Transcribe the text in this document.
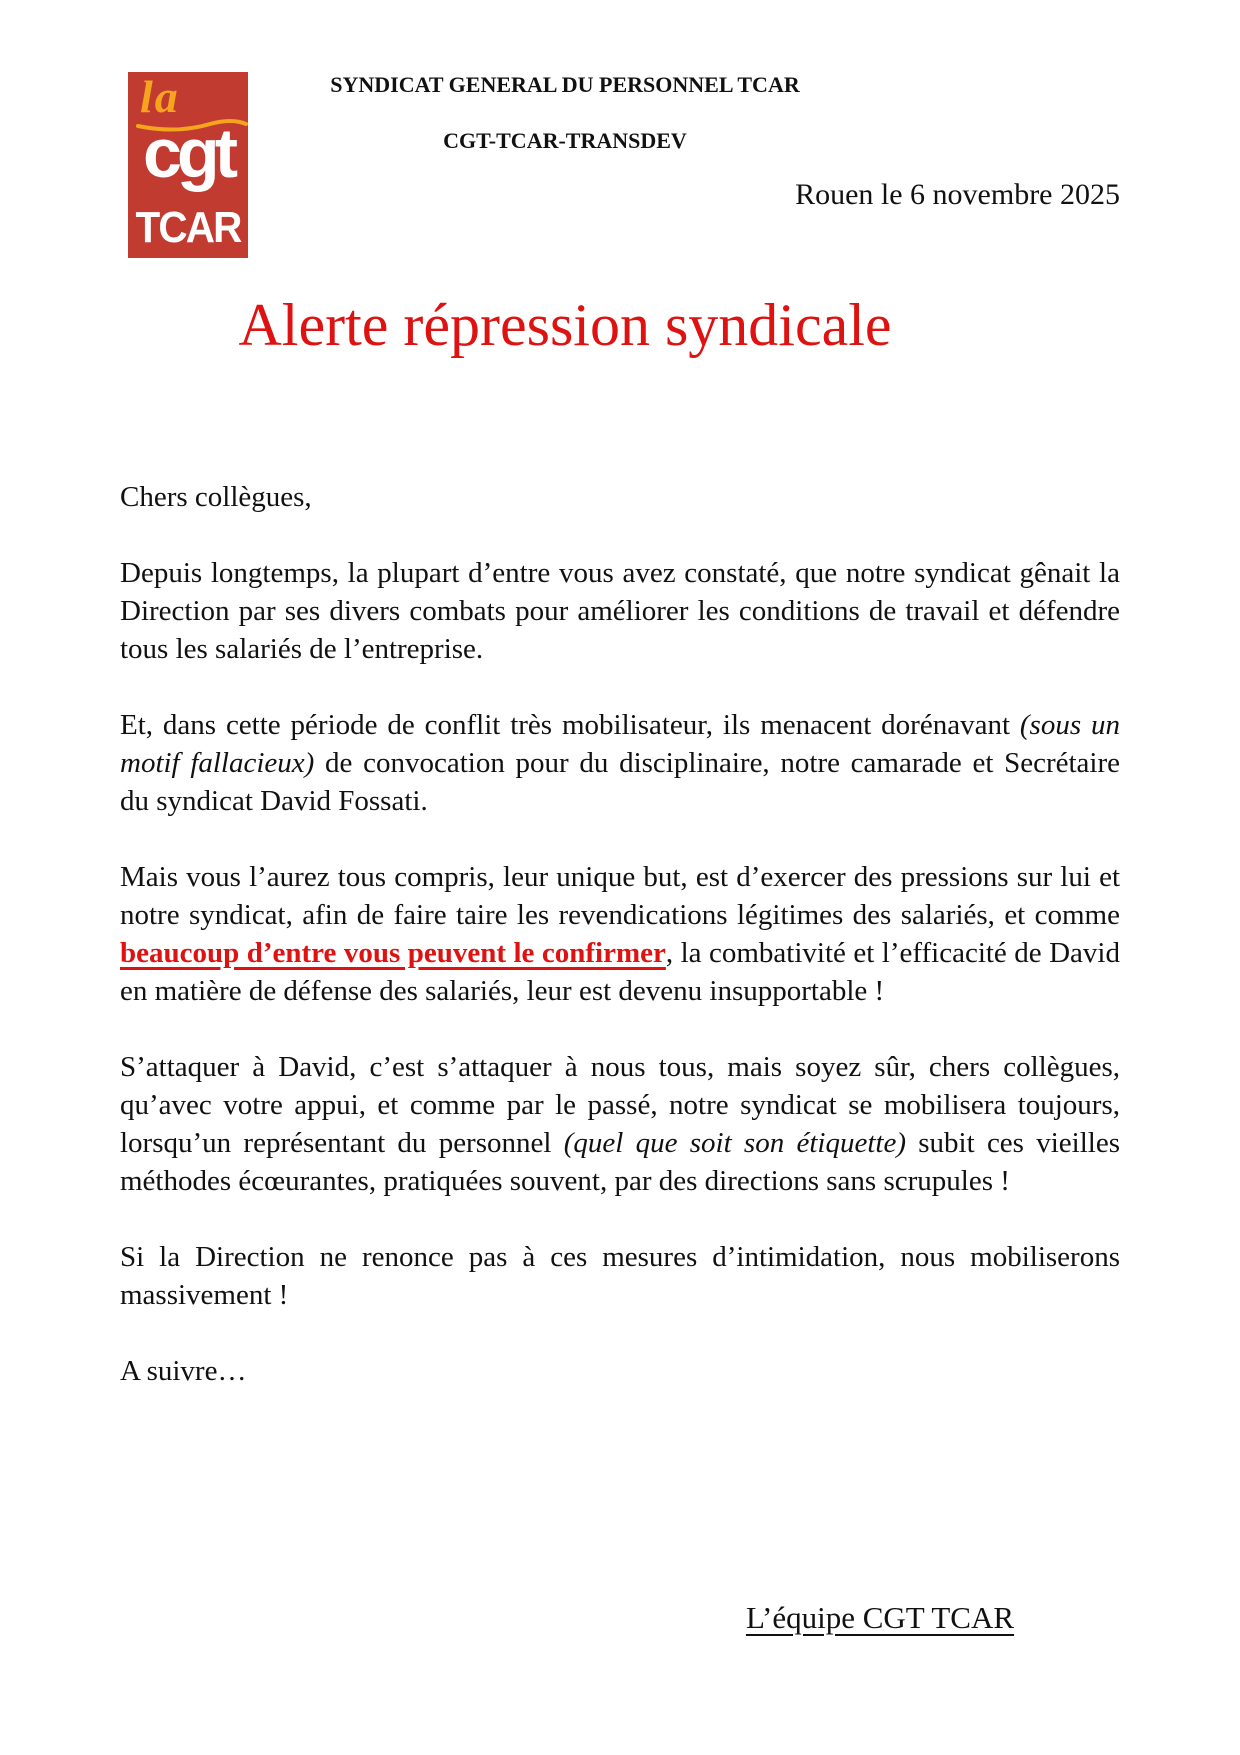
la
cgt
TCAR
SYNDICAT GENERAL DU PERSONNEL TCAR
CGT-TCAR-TRANSDEV
Rouen le 6 novembre 2025
Alerte répression syndicale

Chers collègues,

Depuis longtemps, la plupart d’entre vous avez constaté, que notre syndicat gênait la Direction par ses divers combats pour améliorer les conditions de travail et défendre tous les salariés de l’entreprise.

Et, dans cette période de conflit très mobilisateur, ils menacent dorénavant (sous un motif fallacieux) de convocation pour du disciplinaire, notre camarade et Secrétaire du syndicat David Fossati.

Mais vous l’aurez tous compris, leur unique but, est d’exercer des pressions sur lui et notre syndicat, afin de faire taire les revendications légitimes des salariés, et comme beaucoup d’entre vous peuvent le confirmer, la combativité et l’efficacité de David en matière de défense des salariés, leur est devenu insupportable !

S’attaquer à David, c’est s’attaquer à nous tous, mais soyez sûr, chers collègues, qu’avec votre appui, et comme par le passé, notre syndicat se mobilisera toujours, lorsqu’un représentant du personnel (quel que soit son étiquette) subit ces vieilles méthodes écœurantes, pratiquées souvent, par des directions sans scrupules !

Si la Direction ne renonce pas à ces mesures d’intimidation, nous mobiliserons massivement !

A suivre…

L’équipe CGT TCAR
